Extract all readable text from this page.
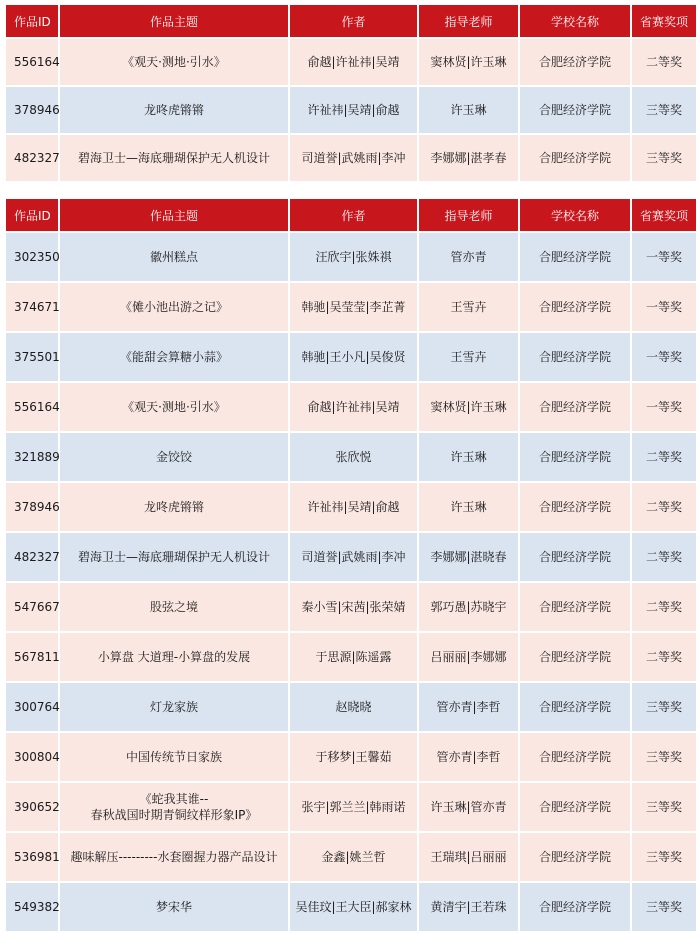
作品ID	作品主题	作者	指导老师	学校名称	省赛奖项
556164	《观天·测地·引水》	俞越|许祉祎|吴靖	窦林贤|许玉琳	合肥经济学院	二等奖
378946	龙咚虎锵锵	许祉祎|吴靖|俞越	许玉琳	合肥经济学院	三等奖
482327	碧海卫士—海底珊瑚保护无人机设计	司道誉|武姚雨|李冲	李娜娜|湛孝春	合肥经济学院	三等奖
作品ID	作品主题	作者	指导老师	学校名称	省赛奖项
302350	徽州糕点	汪欣宇|张姝祺	管亦青	合肥经济学院	一等奖
374671	《傩小池出游之记》	韩驰|吴莹莹|李芷菁	王雪卉	合肥经济学院	一等奖
375501	《能甜会算糖小蒜》	韩驰|王小凡|吴俊贤	王雪卉	合肥经济学院	一等奖
556164	《观天·测地·引水》	俞越|许祉祎|吴靖	窦林贤|许玉琳	合肥经济学院	一等奖
321889	金饺饺	张欣悦	许玉琳	合肥经济学院	二等奖
378946	龙咚虎锵锵	许祉祎|吴靖|俞越	许玉琳	合肥经济学院	二等奖
482327	碧海卫士—海底珊瑚保护无人机设计	司道誉|武姚雨|李冲	李娜娜|湛晓春	合肥经济学院	二等奖
547667	股弦之境	秦小雪|宋茜|张荣婧	郭巧愚|苏晓宇	合肥经济学院	二等奖
567811	小算盘 大道理-小算盘的发展	于思源|陈遥露	吕丽丽|李娜娜	合肥经济学院	二等奖
300764	灯龙家族	赵晓晓	管亦青|李哲	合肥经济学院	三等奖
300804	中国传统节日家族	于移梦|王馨茹	管亦青|李哲	合肥经济学院	三等奖
390652	《蛇我其谁--
春秋战国时期青铜纹样形象IP》	张宇|郭兰兰|韩雨诺	许玉琳|管亦青	合肥经济学院	三等奖
536981	趣味解压---------水套圈握力器产品设计	金鑫|姚兰哲	王瑞琪|吕丽丽	合肥经济学院	三等奖
549382	梦宋华	吴佳玟|王大臣|郝家林	黄清宇|王若珠	合肥经济学院	三等奖
